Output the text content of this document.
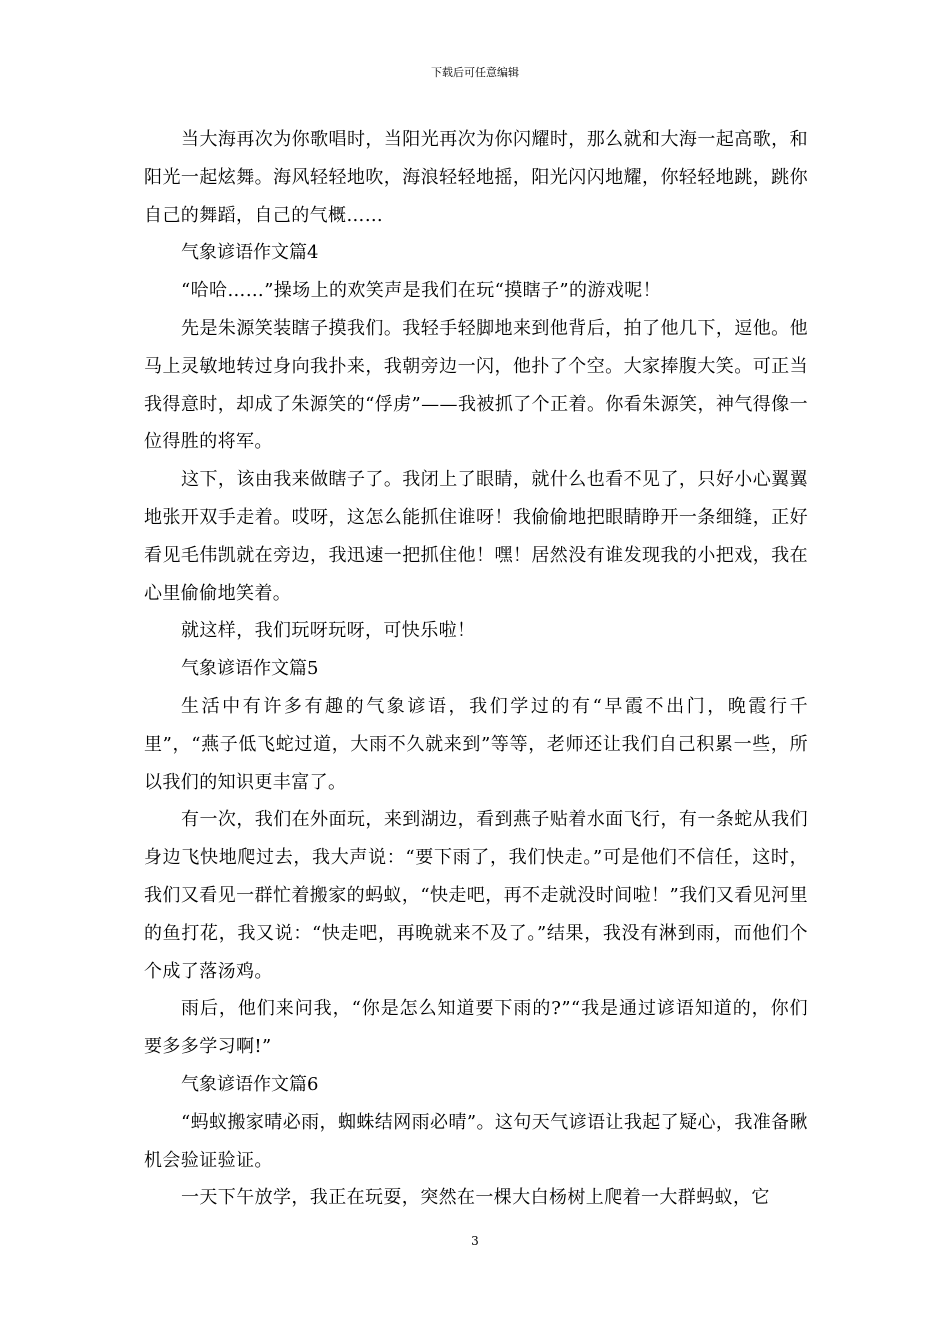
下载后可任意编辑

当大海再次为你歌唱时，当阳光再次为你闪耀时，那么就和大海一起高歌，和阳光一起炫舞。海风轻轻地吹，海浪轻轻地摇，阳光闪闪地耀，你轻轻地跳，跳你自己的舞蹈，自己的气概……

气象谚语作文篇4

“哈哈……”操场上的欢笑声是我们在玩“摸瞎子”的游戏呢！

先是朱源笑装瞎子摸我们。我轻手轻脚地来到他背后，拍了他几下，逗他。他马上灵敏地转过身向我扑来，我朝旁边一闪，他扑了个空。大家捧腹大笑。可正当我得意时，却成了朱源笑的“俘虏”——我被抓了个正着。你看朱源笑，神气得像一位得胜的将军。

这下，该由我来做瞎子了。我闭上了眼睛，就什么也看不见了，只好小心翼翼地张开双手走着。哎呀，这怎么能抓住谁呀！我偷偷地把眼睛睁开一条细缝，正好看见毛伟凯就在旁边，我迅速一把抓住他！嘿！居然没有谁发现我的小把戏，我在心里偷偷地笑着。

就这样，我们玩呀玩呀，可快乐啦！

气象谚语作文篇5

生活中有许多有趣的气象谚语，我们学过的有“早霞不出门，晚霞行千里”，“燕子低飞蛇过道，大雨不久就来到”等等，老师还让我们自己积累一些，所以我们的知识更丰富了。

有一次，我们在外面玩，来到湖边，看到燕子贴着水面飞行，有一条蛇从我们身边飞快地爬过去，我大声说：“要下雨了，我们快走。”可是他们不信任，这时，我们又看见一群忙着搬家的蚂蚁，“快走吧，再不走就没时间啦！”我们又看见河里的鱼打花，我又说：“快走吧，再晚就来不及了。”结果，我没有淋到雨，而他们个个成了落汤鸡。

雨后，他们来问我，“你是怎么知道要下雨的?”“我是通过谚语知道的，你们要多多学习啊!”

气象谚语作文篇6

“蚂蚁搬家晴必雨，蜘蛛结网雨必晴”。这句天气谚语让我起了疑心，我准备瞅机会验证验证。

一天下午放学，我正在玩耍，突然在一棵大白杨树上爬着一大群蚂蚁，它

3
